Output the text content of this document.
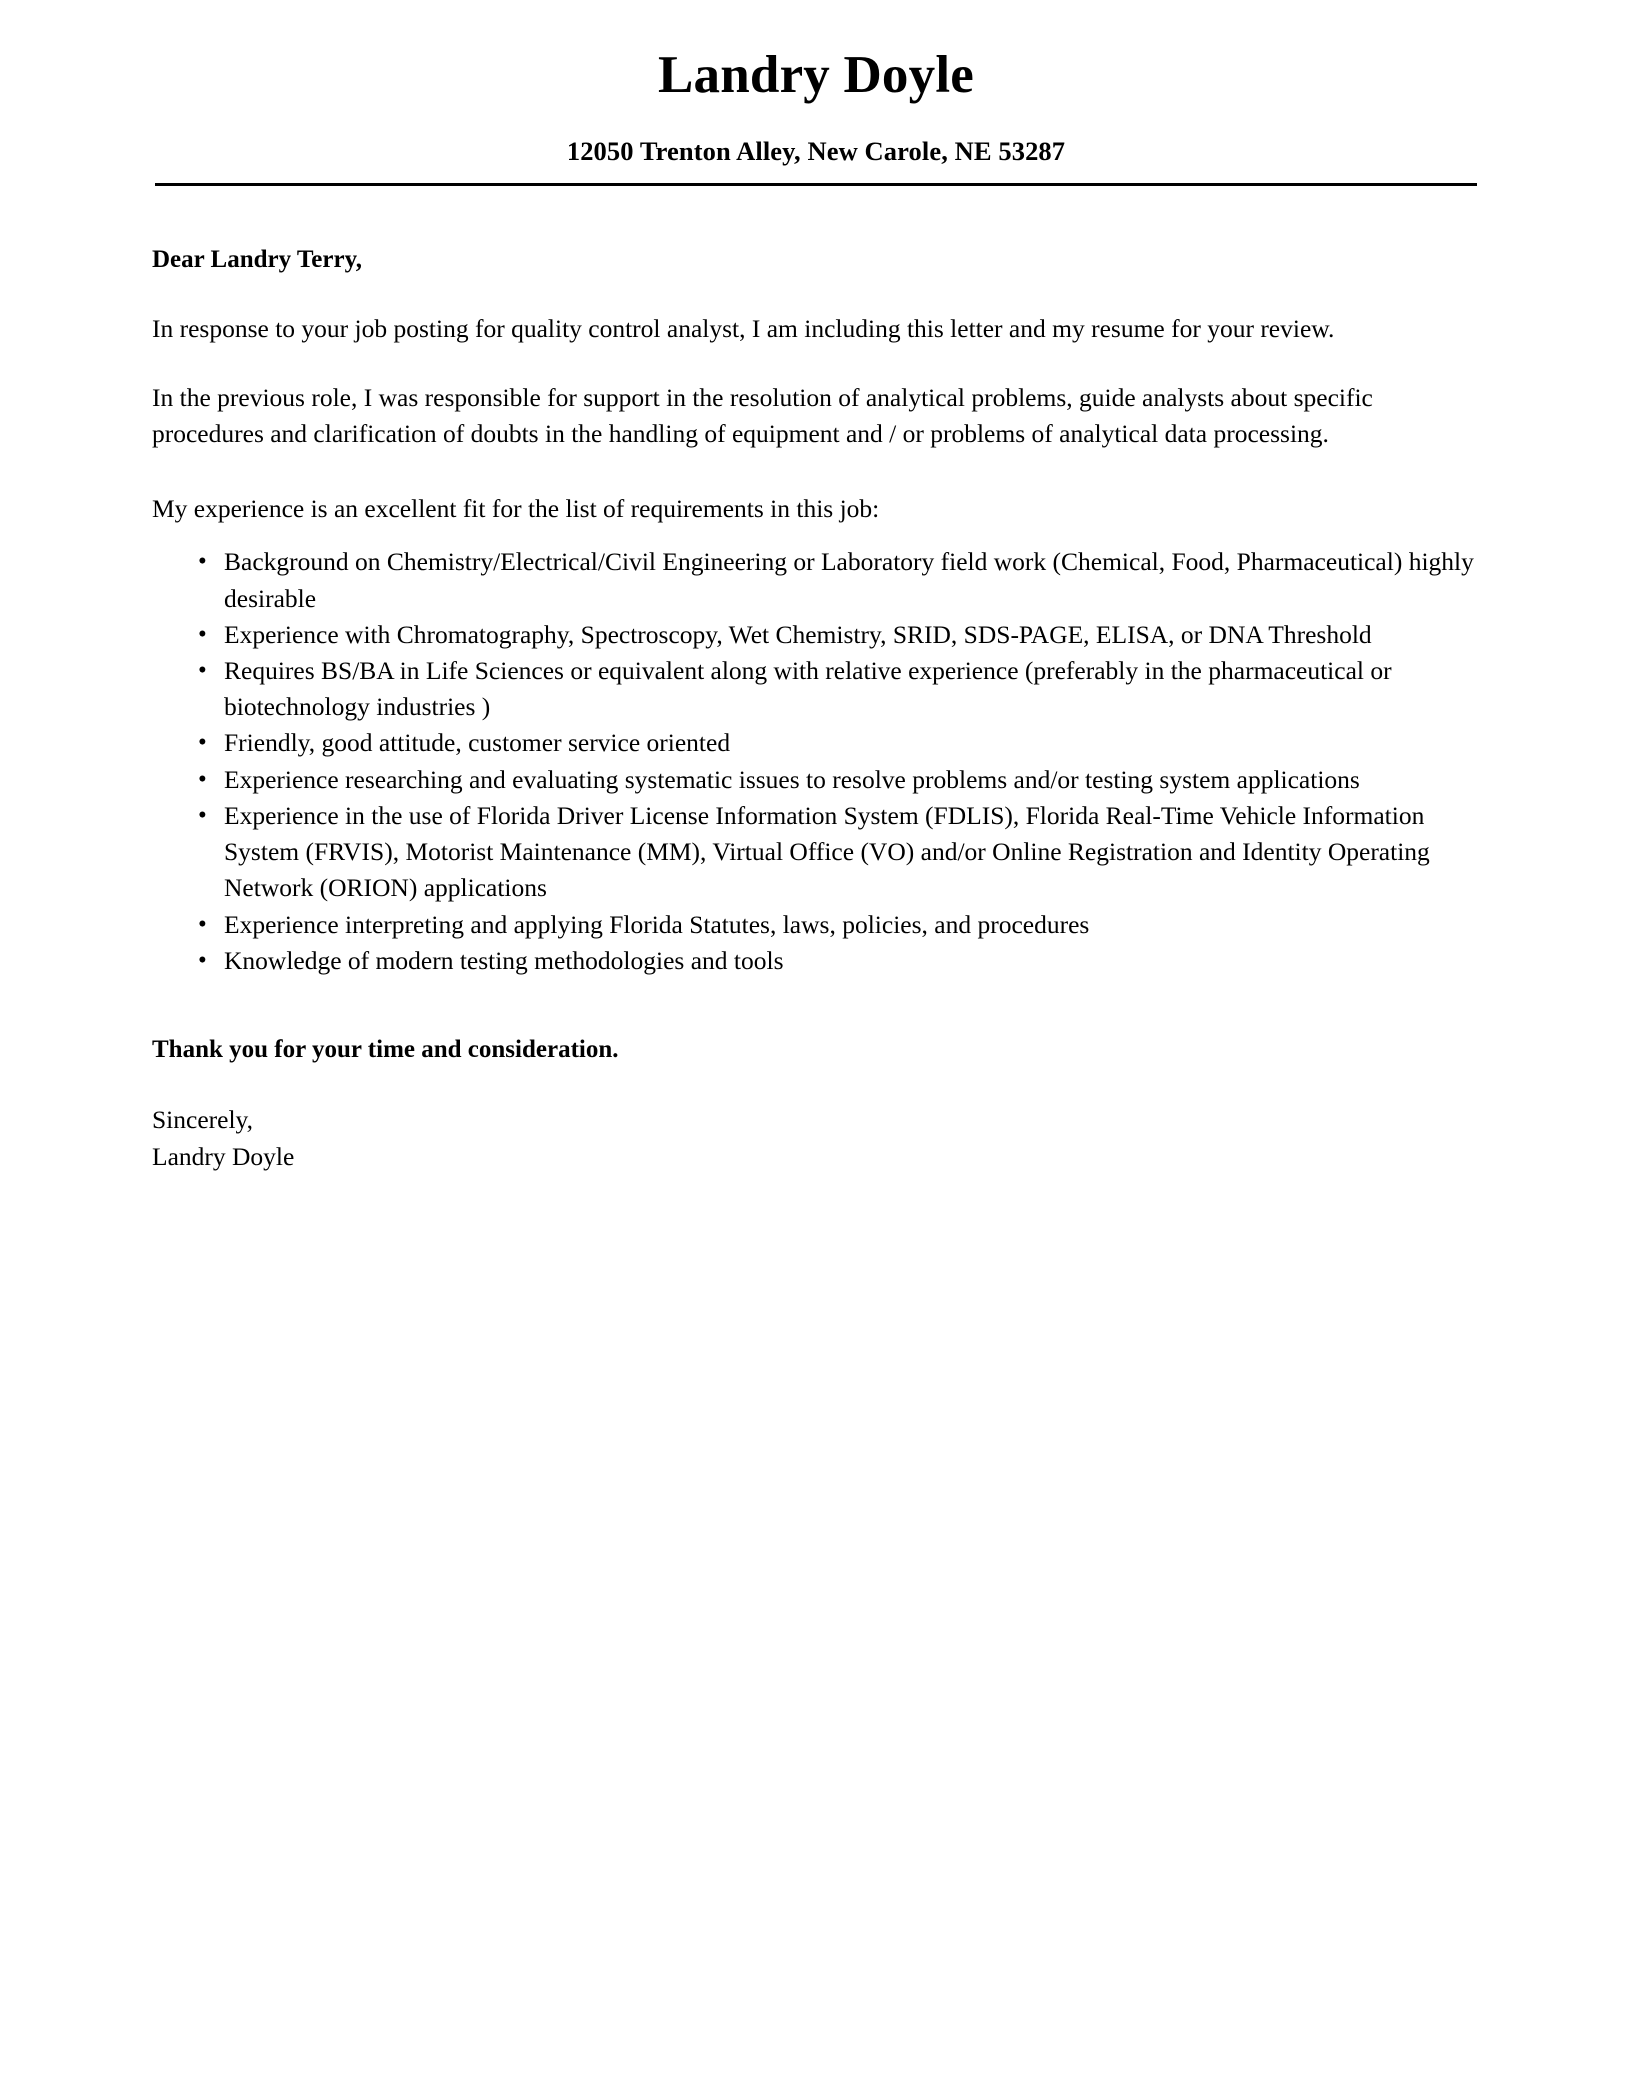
Landry Doyle
12050 Trenton Alley, New Carole, NE 53287

Dear Landry Terry,

In response to your job posting for quality control analyst, I am including this letter and my resume for your review.

In the previous role, I was responsible for support in the resolution of analytical problems, guide analysts about specific procedures and clarification of doubts in the handling of equipment and / or problems of analytical data processing.

My experience is an excellent fit for the list of requirements in this job:

• Background on Chemistry/Electrical/Civil Engineering or Laboratory field work (Chemical, Food, Pharmaceutical) highly desirable
• Experience with Chromatography, Spectroscopy, Wet Chemistry, SRID, SDS-PAGE, ELISA, or DNA Threshold
• Requires BS/BA in Life Sciences or equivalent along with relative experience (preferably in the pharmaceutical or biotechnology industries )
• Friendly, good attitude, customer service oriented
• Experience researching and evaluating systematic issues to resolve problems and/or testing system applications
• Experience in the use of Florida Driver License Information System (FDLIS), Florida Real-Time Vehicle Information System (FRVIS), Motorist Maintenance (MM), Virtual Office (VO) and/or Online Registration and Identity Operating Network (ORION) applications
• Experience interpreting and applying Florida Statutes, laws, policies, and procedures
• Knowledge of modern testing methodologies and tools

Thank you for your time and consideration.

Sincerely,
Landry Doyle
